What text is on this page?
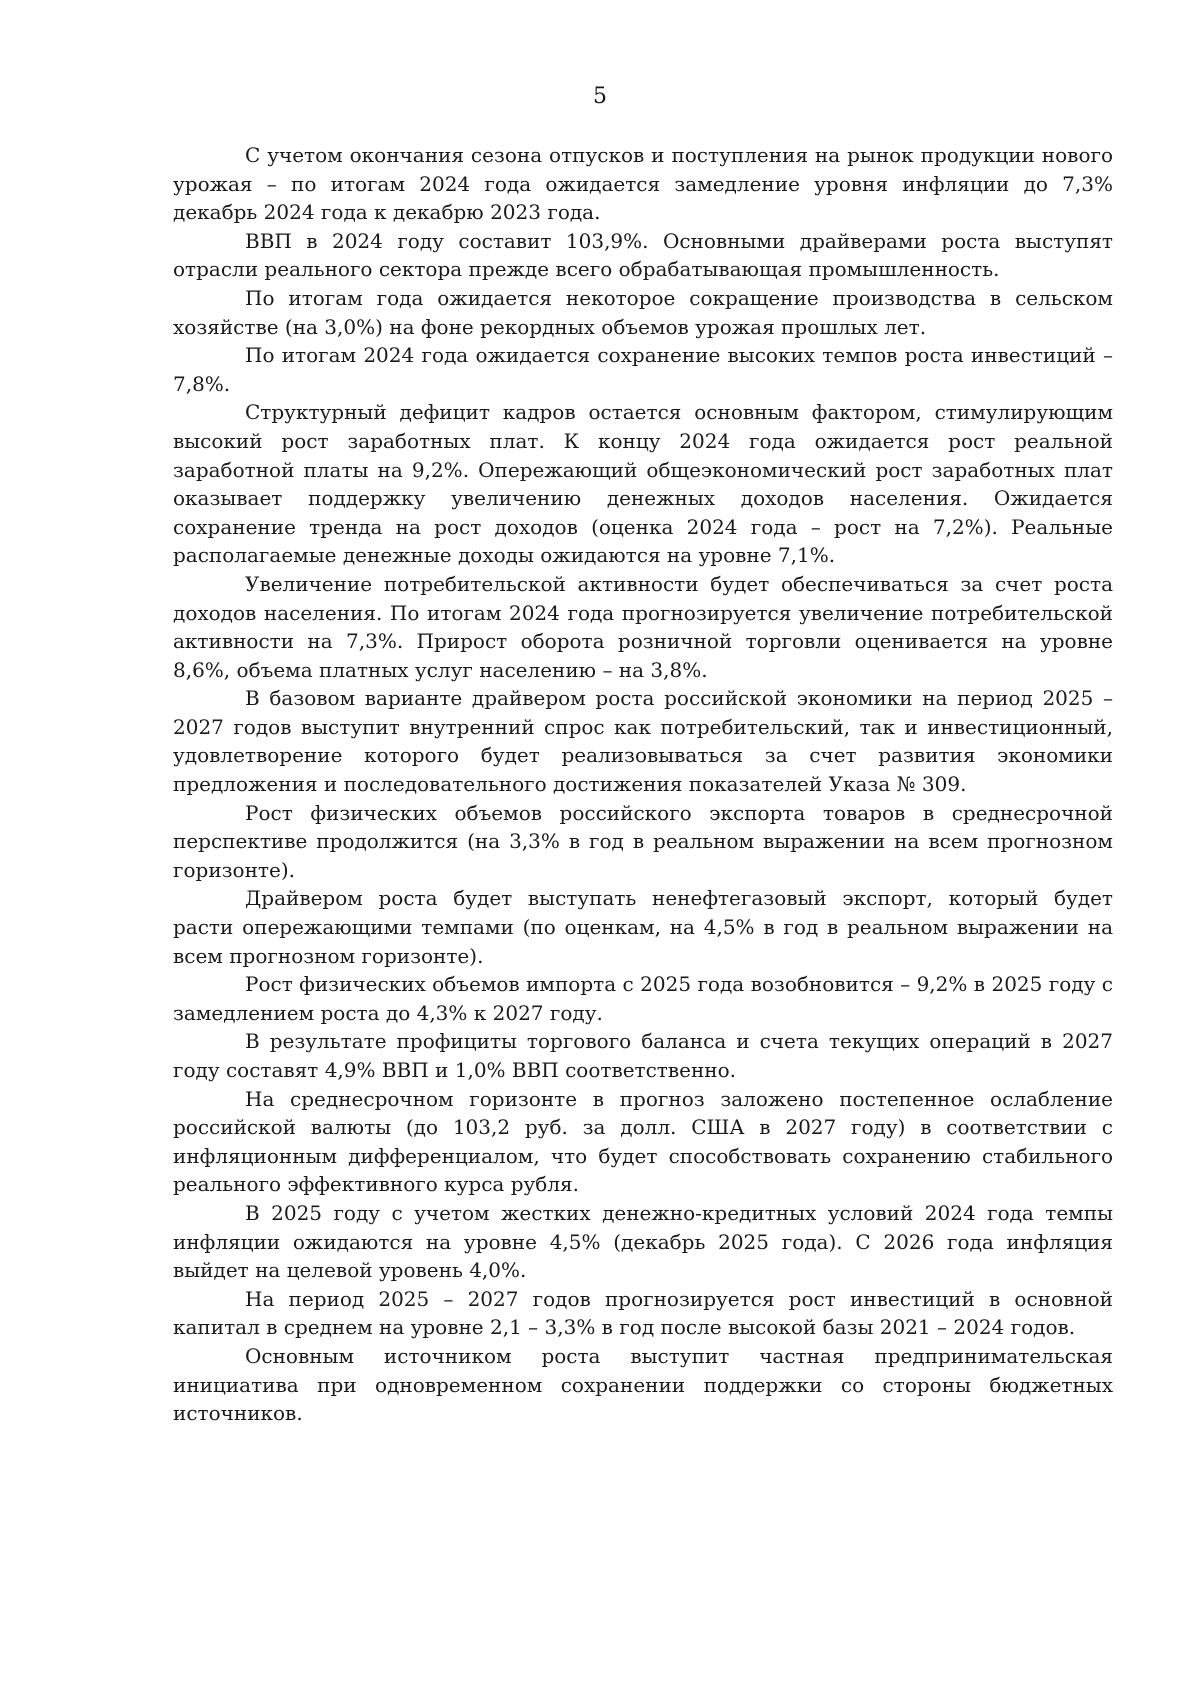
5

С учетом окончания сезона отпусков и поступления на рынок продукции нового урожая – по итогам 2024 года ожидается замедление уровня инфляции до 7,3% декабрь 2024 года к декабрю 2023 года.

ВВП в 2024 году составит 103,9%. Основными драйверами роста выступят отрасли реального сектора прежде всего обрабатывающая промышленность.

По итогам года ожидается некоторое сокращение производства в сельском хозяйстве (на 3,0%) на фоне рекордных объемов урожая прошлых лет.

По итогам 2024 года ожидается сохранение высоких темпов роста инвестиций – 7,8%.

Структурный дефицит кадров остается основным фактором, стимулирующим высокий рост заработных плат. К концу 2024 года ожидается рост реальной заработной платы на 9,2%. Опережающий общеэкономический рост заработных плат оказывает поддержку увеличению денежных доходов населения. Ожидается сохранение тренда на рост доходов (оценка 2024 года – рост на 7,2%). Реальные располагаемые денежные доходы ожидаются на уровне 7,1%.

Увеличение потребительской активности будет обеспечиваться за счет роста доходов населения. По итогам 2024 года прогнозируется увеличение потребительской активности на 7,3%. Прирост оборота розничной торговли оценивается на уровне 8,6%, объема платных услуг населению – на 3,8%.

В базовом варианте драйвером роста российской экономики на период 2025 – 2027 годов выступит внутренний спрос как потребительский, так и инвестиционный, удовлетворение которого будет реализовываться за счет развития экономики предложения и последовательного достижения показателей Указа № 309.

Рост физических объемов российского экспорта товаров в среднесрочной перспективе продолжится (на 3,3% в год в реальном выражении на всем прогнозном горизонте).

Драйвером роста будет выступать ненефтегазовый экспорт, который будет расти опережающими темпами (по оценкам, на 4,5% в год в реальном выражении на всем прогнозном горизонте).

Рост физических объемов импорта с 2025 года возобновится – 9,2% в 2025 году с замедлением роста до 4,3% к 2027 году.

В результате профициты торгового баланса и счета текущих операций в 2027 году составят 4,9% ВВП и 1,0% ВВП соответственно.

На среднесрочном горизонте в прогноз заложено постепенное ослабление российской валюты (до 103,2 руб. за долл. США в 2027 году) в соответствии с инфляционным дифференциалом, что будет способствовать сохранению стабильного реального эффективного курса рубля.

В 2025 году с учетом жестких денежно-кредитных условий 2024 года темпы инфляции ожидаются на уровне 4,5% (декабрь 2025 года). С 2026 года инфляция выйдет на целевой уровень 4,0%.

На период 2025 – 2027 годов прогнозируется рост инвестиций в основной капитал в среднем на уровне 2,1 – 3,3% в год после высокой базы 2021 – 2024 годов.

Основным источником роста выступит частная предпринимательская инициатива при одновременном сохранении поддержки со стороны бюджетных источников.
